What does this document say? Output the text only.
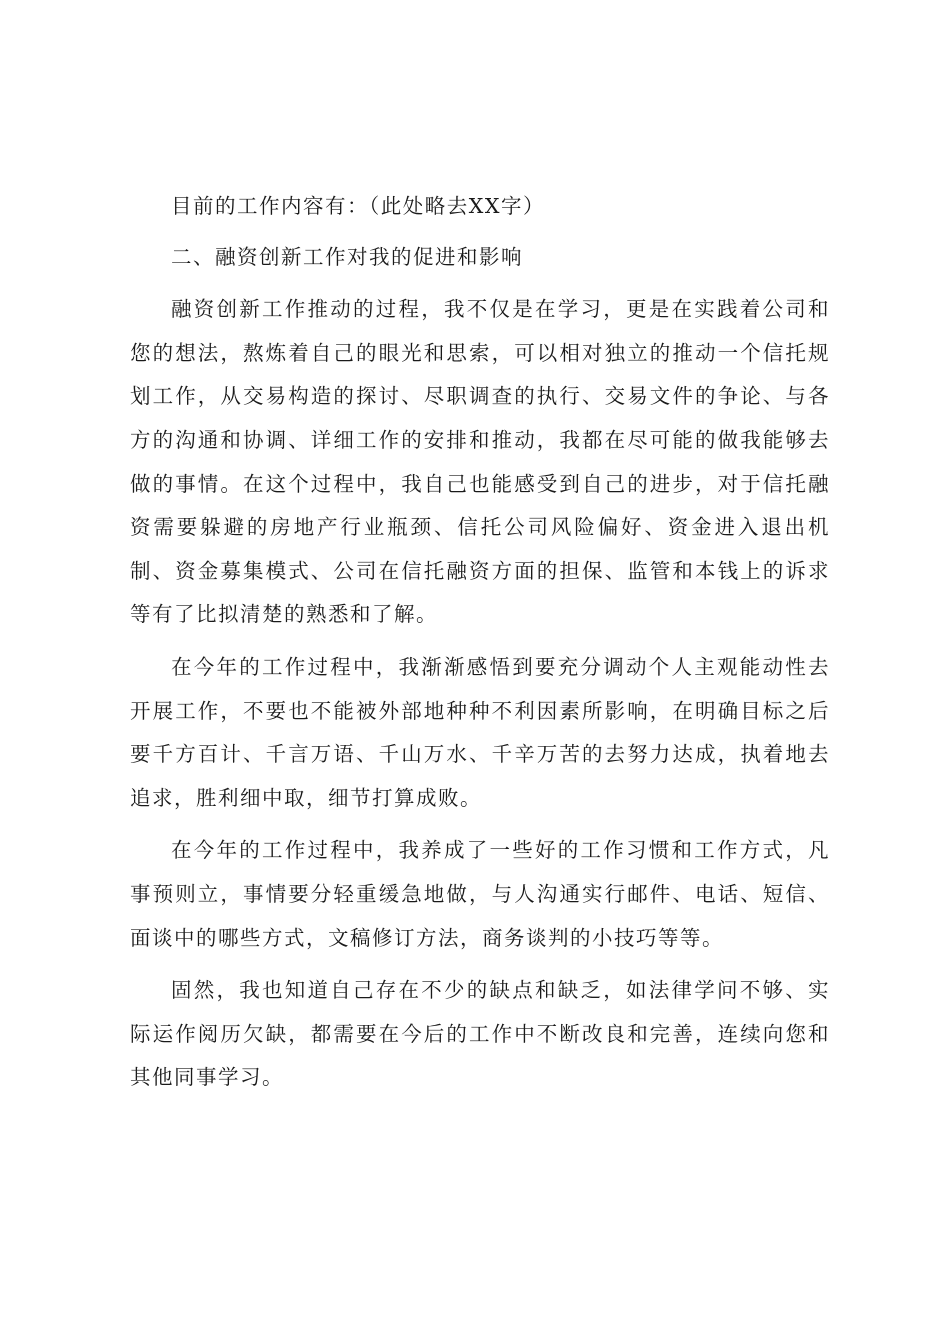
目前的工作内容有：（此处略去XX字）

二、融资创新工作对我的促进和影响

融资创新工作推动的过程，我不仅是在学习，更是在实践着公司和您的想法，熬炼着自己的眼光和思索，可以相对独立的推动一个信托规划工作，从交易构造的探讨、尽职调查的执行、交易文件的争论、与各方的沟通和协调、详细工作的安排和推动，我都在尽可能的做我能够去做的事情。在这个过程中，我自己也能感受到自己的进步，对于信托融资需要躲避的房地产行业瓶颈、信托公司风险偏好、资金进入退出机制、资金募集模式、公司在信托融资方面的担保、监管和本钱上的诉求等有了比拟清楚的熟悉和了解。

在今年的工作过程中，我渐渐感悟到要充分调动个人主观能动性去开展工作，不要也不能被外部地种种不利因素所影响，在明确目标之后要千方百计、千言万语、千山万水、千辛万苦的去努力达成，执着地去追求，胜利细中取，细节打算成败。

在今年的工作过程中，我养成了一些好的工作习惯和工作方式，凡事预则立，事情要分轻重缓急地做，与人沟通实行邮件、电话、短信、面谈中的哪些方式，文稿修订方法，商务谈判的小技巧等等。

固然，我也知道自己存在不少的缺点和缺乏，如法律学问不够、实际运作阅历欠缺，都需要在今后的工作中不断改良和完善，连续向您和其他同事学习。
